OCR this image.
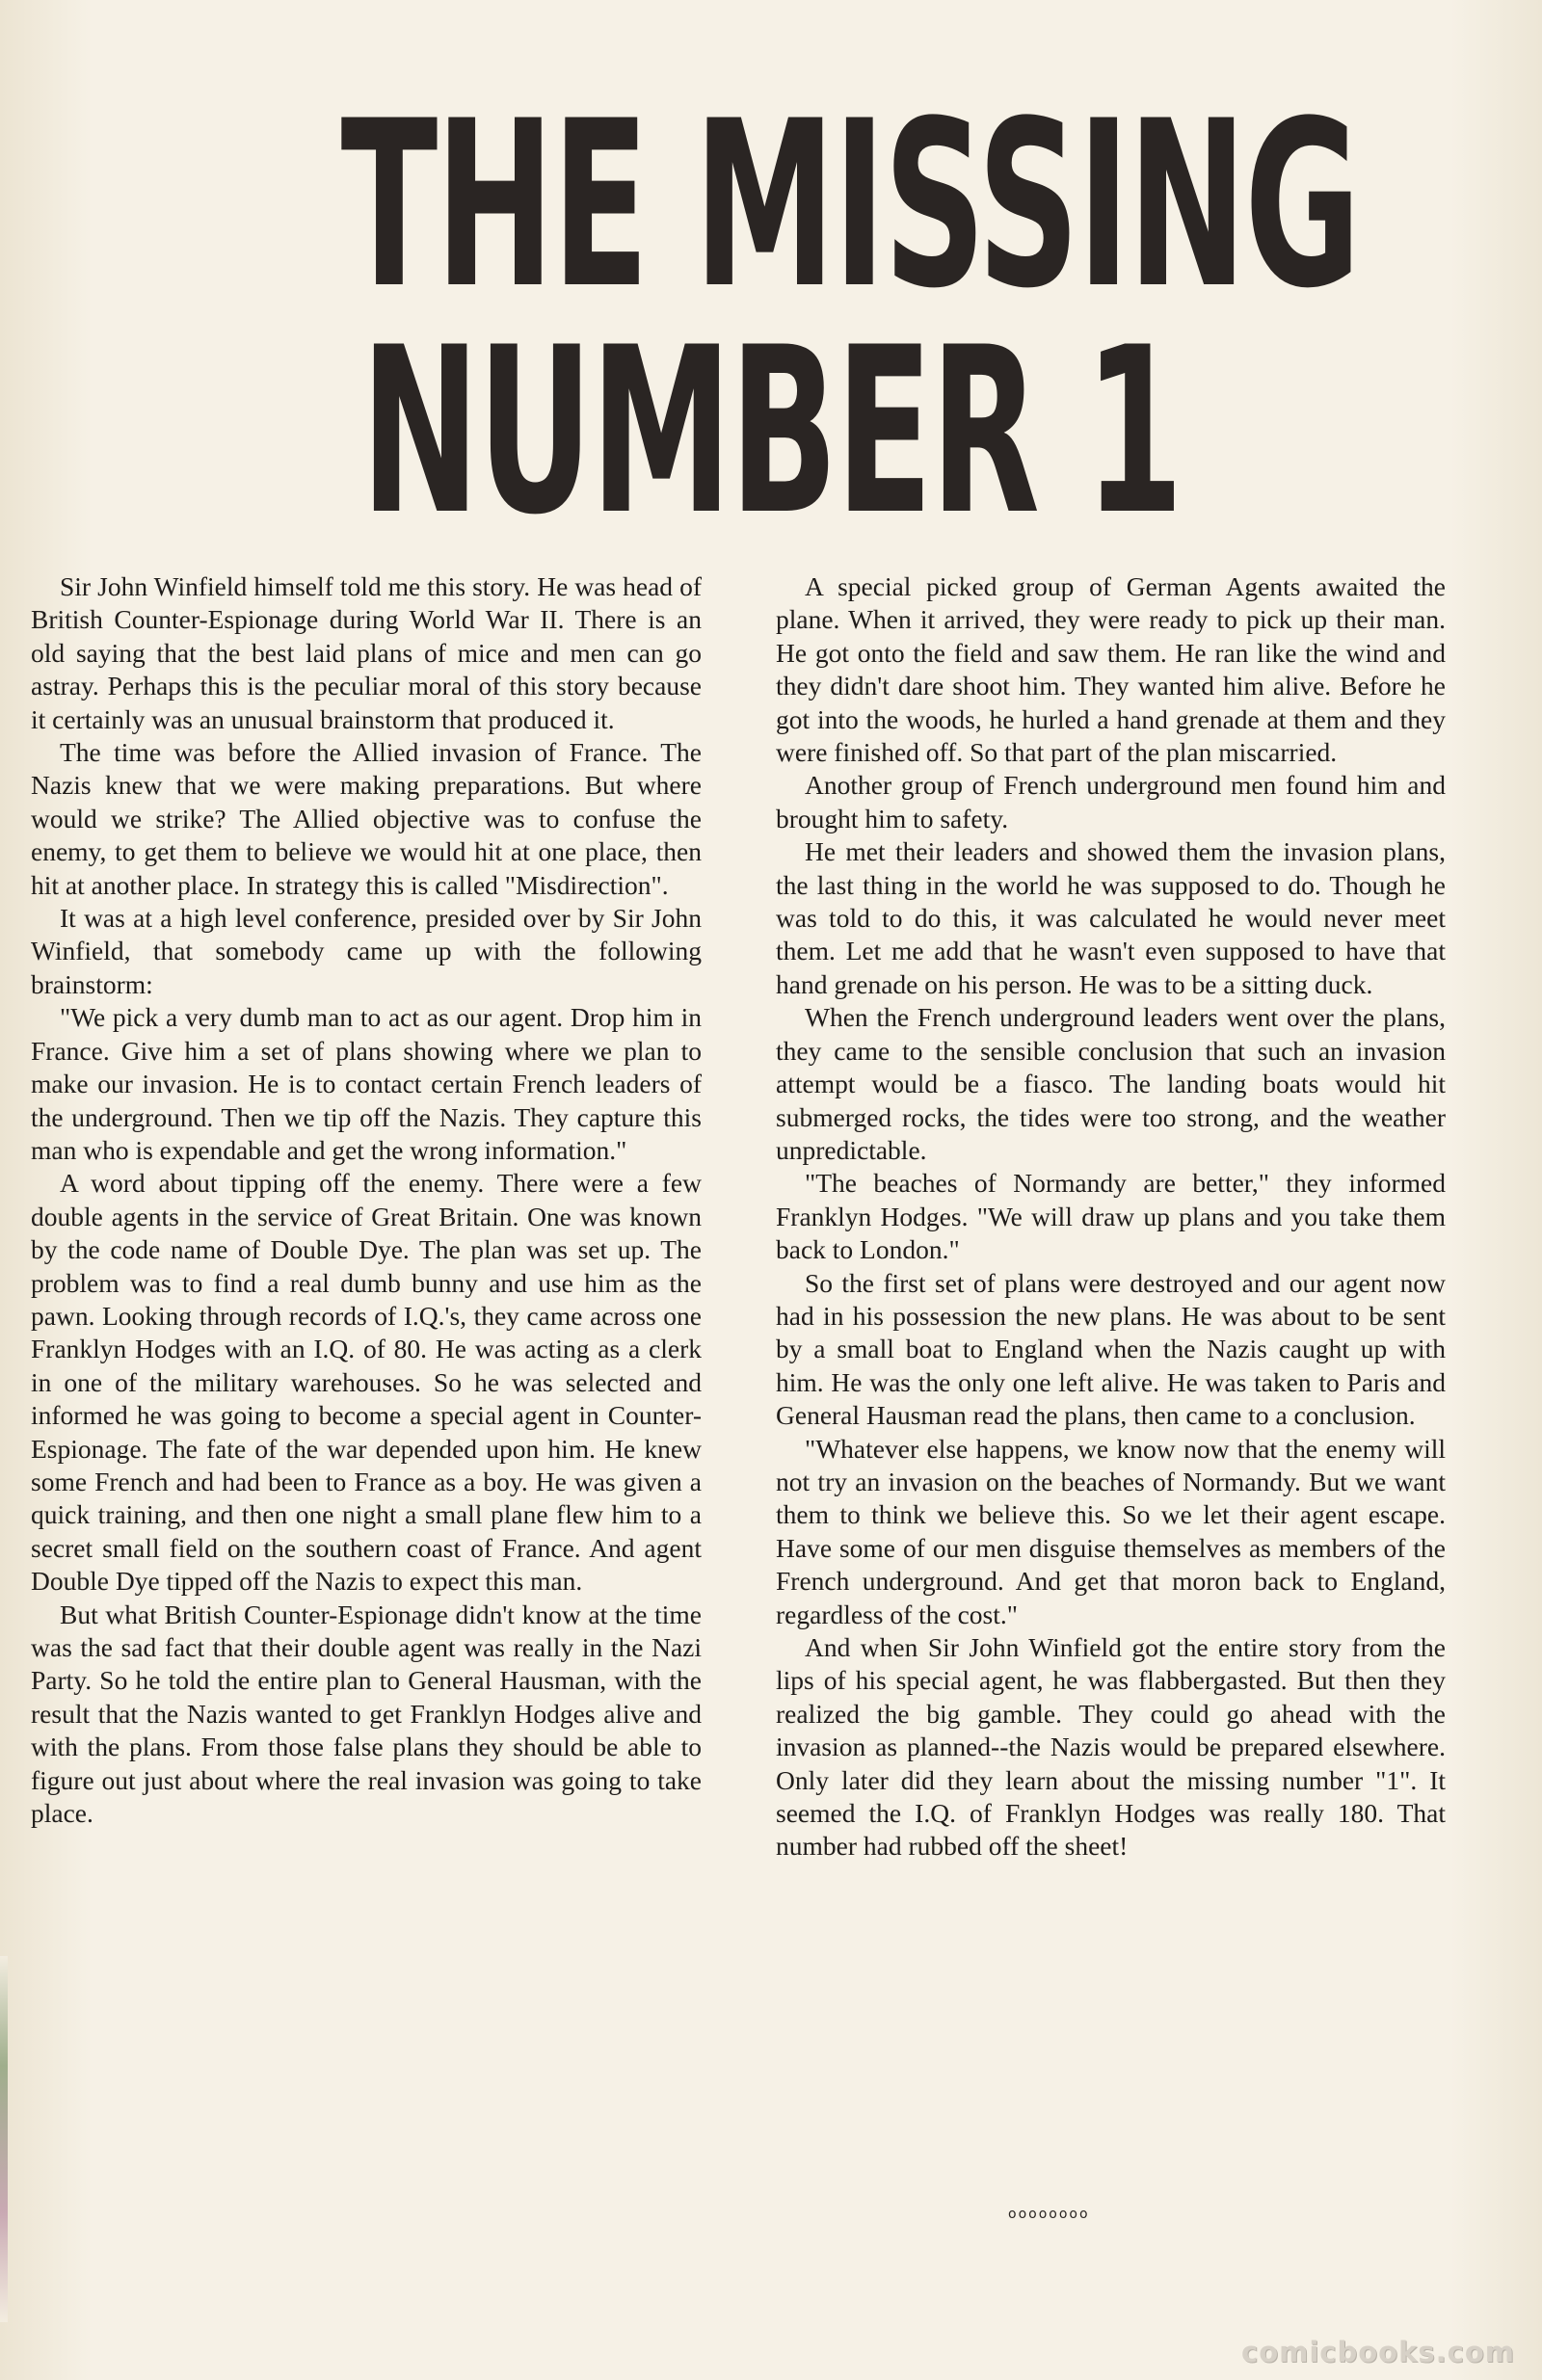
THE MISSING
NUMBER 1

Sir John Winfield himself told me this story. He was head of British Counter-Espionage during World War II. There is an old saying that the best laid plans of mice and men can go astray. Perhaps this is the peculiar moral of this story because it certainly was an unusual brainstorm that produced it.

The time was before the Allied invasion of France. The Nazis knew that we were making preparations. But where would we strike? The Allied objective was to confuse the enemy, to get them to believe we would hit at one place, then hit at another place. In strategy this is called "Misdirection".

It was at a high level conference, presided over by Sir John Winfield, that somebody came up with the following brainstorm:

"We pick a very dumb man to act as our agent. Drop him in France. Give him a set of plans showing where we plan to make our invasion. He is to contact certain French leaders of the underground. Then we tip off the Nazis. They capture this man who is expendable and get the wrong information."

A word about tipping off the enemy. There were a few double agents in the service of Great Britain. One was known by the code name of Double Dye. The plan was set up. The problem was to find a real dumb bunny and use him as the pawn. Looking through records of I.Q.'s, they came across one Franklyn Hodges with an I.Q. of 80. He was acting as a clerk in one of the military warehouses. So he was selected and informed he was going to become a special agent in Counter-Espionage. The fate of the war depended upon him. He knew some French and had been to France as a boy. He was given a quick training, and then one night a small plane flew him to a secret small field on the southern coast of France. And agent Double Dye tipped off the Nazis to expect this man.

But what British Counter-Espionage didn't know at the time was the sad fact that their double agent was really in the Nazi Party. So he told the entire plan to General Hausman, with the result that the Nazis wanted to get Franklyn Hodges alive and with the plans. From those false plans they should be able to figure out just about where the real invasion was going to take place.

A special picked group of German Agents awaited the plane. When it arrived, they were ready to pick up their man. He got onto the field and saw them. He ran like the wind and they didn't dare shoot him. They wanted him alive. Before he got into the woods, he hurled a hand grenade at them and they were finished off. So that part of the plan miscarried.

Another group of French underground men found him and brought him to safety.

He met their leaders and showed them the invasion plans, the last thing in the world he was supposed to do. Though he was told to do this, it was calculated he would never meet them. Let me add that he wasn't even supposed to have that hand grenade on his person. He was to be a sitting duck.

When the French underground leaders went over the plans, they came to the sensible conclusion that such an invasion attempt would be a fiasco. The landing boats would hit submerged rocks, the tides were too strong, and the weather unpredictable.

"The beaches of Normandy are better," they informed Franklyn Hodges. "We will draw up plans and you take them back to London."

So the first set of plans were destroyed and our agent now had in his possession the new plans. He was about to be sent by a small boat to England when the Nazis caught up with him. He was the only one left alive. He was taken to Paris and General Hausman read the plans, then came to a conclusion.

"Whatever else happens, we know now that the enemy will not try an invasion on the beaches of Normandy. But we want them to think we believe this. So we let their agent escape. Have some of our men disguise themselves as members of the French underground. And get that moron back to England, regardless of the cost."

And when Sir John Winfield got the entire story from the lips of his special agent, he was flabbergasted. But then they realized the big gamble. They could go ahead with the invasion as planned--the Nazis would be prepared elsewhere. Only later did they learn about the missing number "1". It seemed the I.Q. of Franklyn Hodges was really 180. That number had rubbed off the sheet!

oooooooo
comicbooks.com
